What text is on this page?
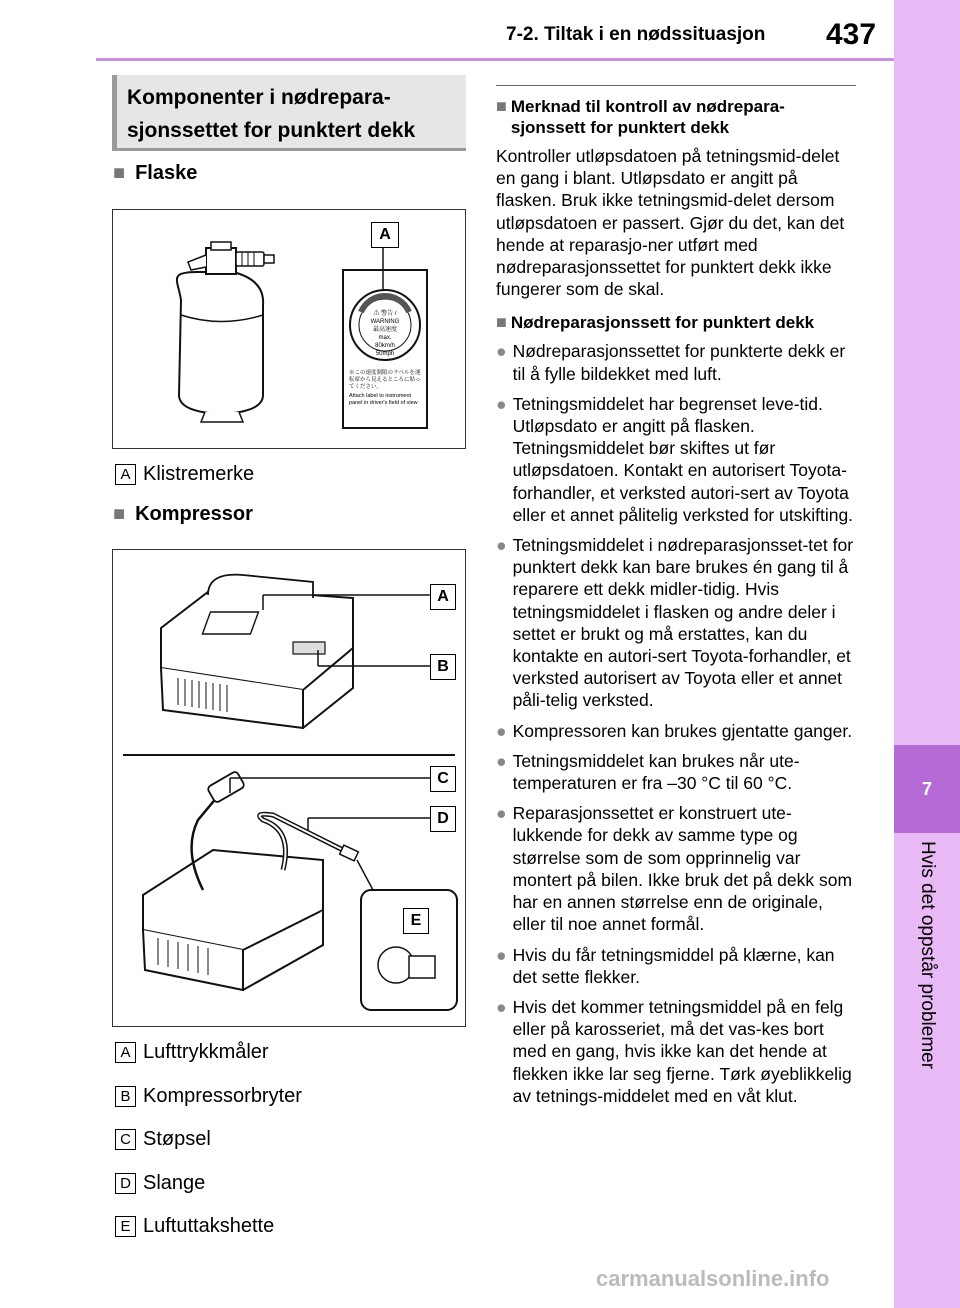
7-2. Tiltak i en nødssituasjon 437
7
Hvis det oppstår problemer
Komponenter i nødrepara-
sjonssettet for punktert dekk
■ Flaske
⚠ 警告 / WARNING
最高速度
max.
80km/h
50mph
※この速度制限のラベルを運転席から見えるところに貼ってください。
Attach label to instrument panel in driver's field of view
A
A Klistremerke
■ Kompressor
A
B
C
D
E
A Lufttrykkmåler
B Kompressorbryter
C Støpsel
D Slange
E Luftuttakshette
■ Merknad til kontroll av nødrepara-sjonssett for punktert dekk
Kontroller utløpsdatoen på tetningsmid-delet en gang i blant. Utløpsdato er angitt på flasken. Bruk ikke tetningsmid-delet dersom utløpsdatoen er passert. Gjør du det, kan det hende at reparasjo-ner utført med nødreparasjonssettet for punktert dekk ikke fungerer som de skal.
■ Nødreparasjonssett for punktert dekk
● Nødreparasjonssettet for punkterte dekk er til å fylle bildekket med luft.
● Tetningsmiddelet har begrenset leve-tid. Utløpsdato er angitt på flasken. Tetningsmiddelet bør skiftes ut før utløpsdatoen. Kontakt en autorisert Toyota-forhandler, et verksted autori-sert av Toyota eller et annet pålitelig verksted for utskifting.
● Tetningsmiddelet i nødreparasjonsset-tet for punktert dekk kan bare brukes én gang til å reparere ett dekk midler-tidig. Hvis tetningsmiddelet i flasken og andre deler i settet er brukt og må erstattes, kan du kontakte en autori-sert Toyota-forhandler, et verksted autorisert av Toyota eller et annet påli-telig verksted.
● Kompressoren kan brukes gjentatte ganger.
● Tetningsmiddelet kan brukes når ute-temperaturen er fra –30 °C til 60 °C.
● Reparasjonssettet er konstruert ute-lukkende for dekk av samme type og størrelse som de som opprinnelig var montert på bilen. Ikke bruk det på dekk som har en annen størrelse enn de originale, eller til noe annet formål.
● Hvis du får tetningsmiddel på klærne, kan det sette flekker.
● Hvis det kommer tetningsmiddel på en felg eller på karosseriet, må det vas-kes bort med en gang, hvis ikke kan det hende at flekken ikke lar seg fjerne. Tørk øyeblikkelig av tetnings-middelet med en våt klut.
carmanualsonline.info
